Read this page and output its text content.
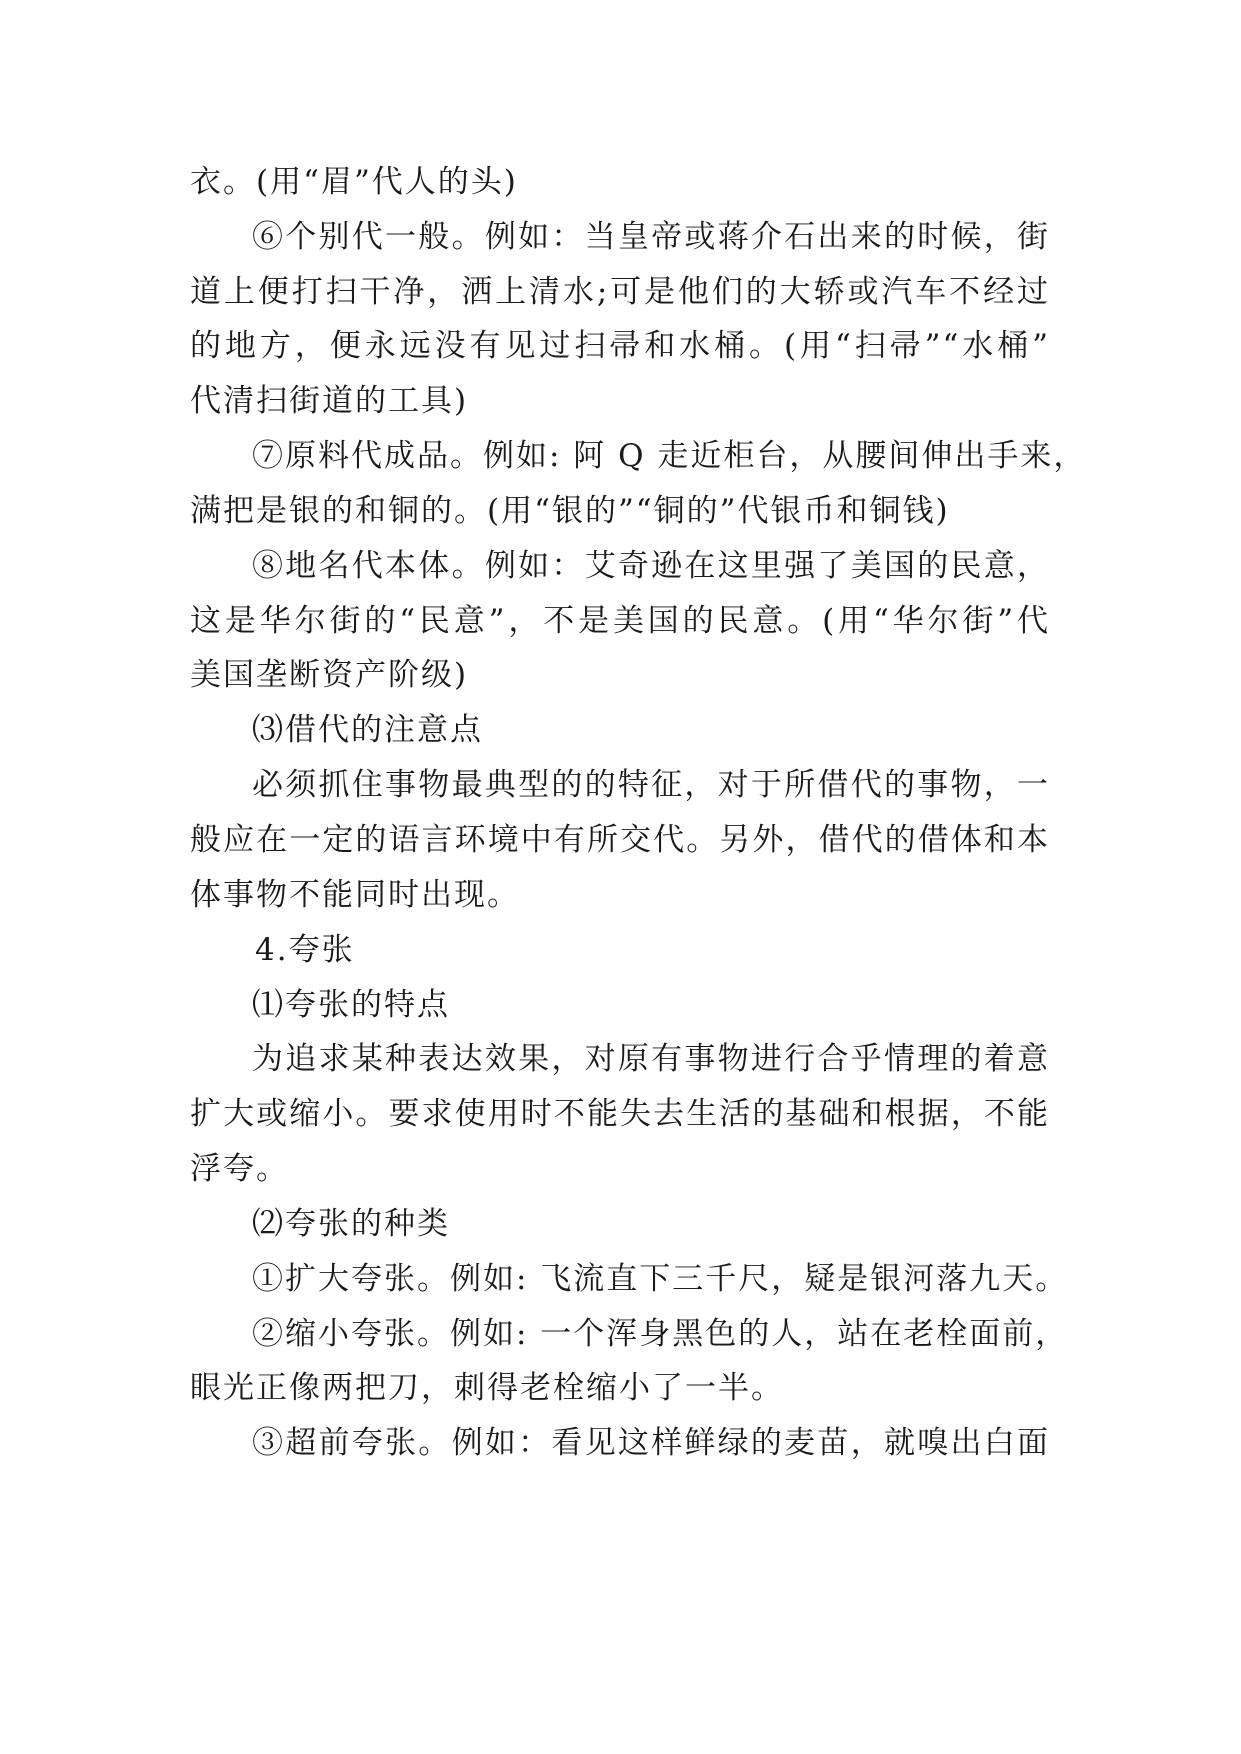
衣。(用“眉”代人的头)
⑥个别代一般。例如：当皇帝或蒋介石出来的时候，街
道上便打扫干净，洒上清水;可是他们的大轿或汽车不经过
的地方，便永远没有见过扫帚和水桶。(用“扫帚”“水桶”
代清扫街道的工具)
⑦原料代成品。例如: 阿 Q 走近柜台，从腰间伸出手来，
满把是银的和铜的。(用“银的”“铜的”代银币和铜钱)
⑧地名代本体。例如：艾奇逊在这里强了美国的民意，
这是华尔街的“民意”，不是美国的民意。(用“华尔街”代
美国垄断资产阶级)
⑶借代的注意点
必须抓住事物最典型的的特征，对于所借代的事物，一
般应在一定的语言环境中有所交代。另外，借代的借体和本
体事物不能同时出现。
4.夸张
⑴夸张的特点
为追求某种表达效果，对原有事物进行合乎情理的着意
扩大或缩小。要求使用时不能失去生活的基础和根据，不能
浮夸。
⑵夸张的种类
①扩大夸张。例如: 飞流直下三千尺，疑是银河落九天。
②缩小夸张。例如: 一个浑身黑色的人，站在老栓面前，
眼光正像两把刀，刺得老栓缩小了一半。
③超前夸张。例如：看见这样鲜绿的麦苗，就嗅出白面
